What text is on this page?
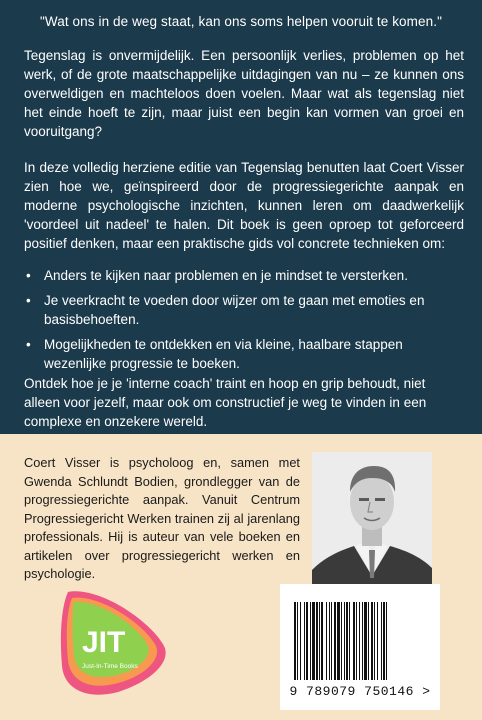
"Wat ons in de weg staat, kan ons soms helpen vooruit te komen."

Tegenslag is onvermijdelijk. Een persoonlijk verlies, problemen op het werk, of de grote maatschappelijke uitdagingen van nu – ze kunnen ons overweldigen en machteloos doen voelen. Maar wat als tegenslag niet het einde hoeft te zijn, maar juist een begin kan vormen van groei en vooruitgang?

In deze volledig herziene editie van Tegenslag benutten laat Coert Visser zien hoe we, geïnspireerd door de progressiegerichte aanpak en moderne psychologische inzichten, kunnen leren om daadwerkelijk 'voordeel uit nadeel' te halen. Dit boek is geen oproep tot geforceerd positief denken, maar een praktische gids vol concrete technieken om:

• Anders te kijken naar problemen en je mindset te versterken.
• Je veerkracht te voeden door wijzer om te gaan met emoties en basisbehoeften.
• Mogelijkheden te ontdekken en via kleine, haalbare stappen wezenlijke progressie te boeken.

Ontdek hoe je je 'interne coach' traint en hoop en grip behoudt, niet alleen voor jezelf, maar ook om constructief je weg te vinden in een complexe en onzekere wereld.

Coert Visser is psycholoog en, samen met Gwenda Schlundt Bodien, grondlegger van de progressiegerichte aanpak. Vanuit Centrum Progressiegericht Werken trainen zij al jarenlang professionals. Hij is auteur van vele boeken en artikelen over progressiegericht werken en psychologie.

JIT
Just-In-Time Books
9 789079 750146 >
